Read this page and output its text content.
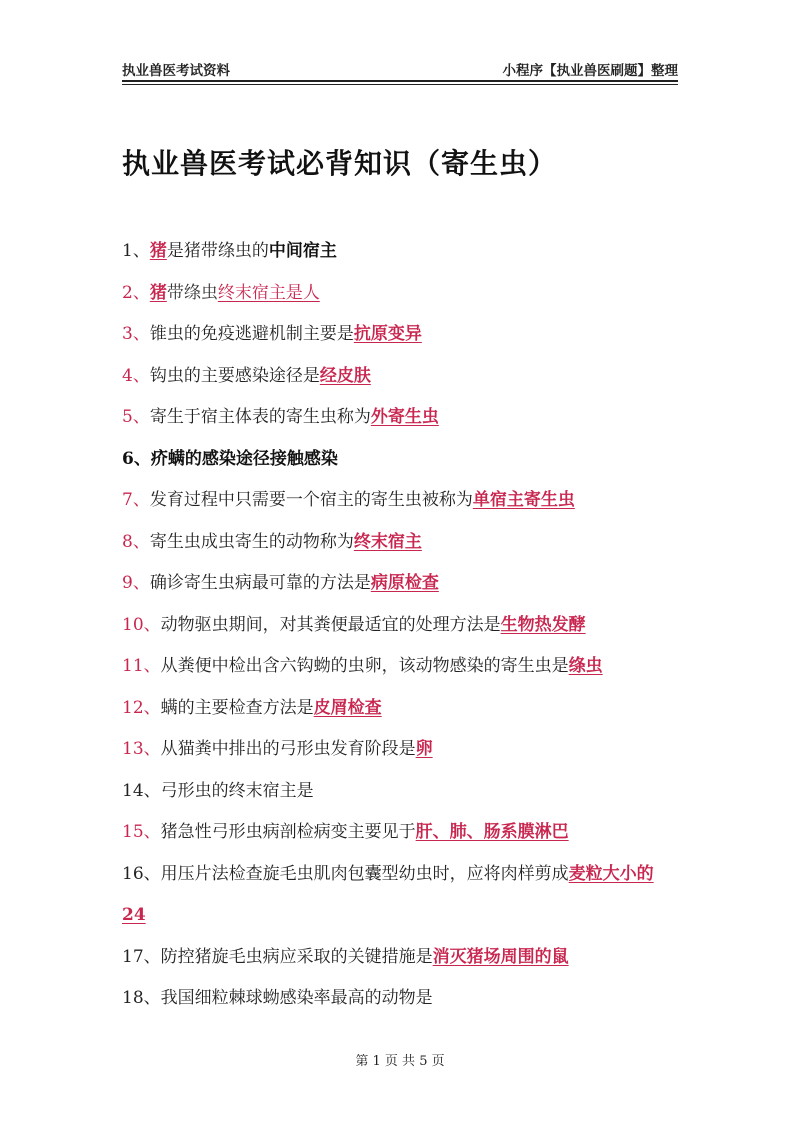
执业兽医考试资料	小程序【执业兽医刷题】整理
执业兽医考试必背知识（寄生虫）
1、猪是猪带绦虫的中间宿主
2、猪带绦虫终末宿主是人
3、锥虫的免疫逃避机制主要是抗原变异
4、钩虫的主要感染途径是经皮肤
5、寄生于宿主体表的寄生虫称为外寄生虫
6、疥螨的感染途径接触感染
7、发育过程中只需要一个宿主的寄生虫被称为单宿主寄生虫
8、寄生虫成虫寄生的动物称为终末宿主
9、确诊寄生虫病最可靠的方法是病原检查
10、动物驱虫期间，对其粪便最适宜的处理方法是生物热发酵
11、从粪便中检出含六钩蚴的虫卵，该动物感染的寄生虫是绦虫
12、螨的主要检查方法是皮屑检查
13、从猫粪中排出的弓形虫发育阶段是卵
14、弓形虫的终末宿主是
15、猪急性弓形虫病剖检病变主要见于肝、肺、肠系膜淋巴
16、用压片法检查旋毛虫肌肉包囊型幼虫时，应将肉样剪成麦粒大小的 24
17、防控猪旋毛虫病应采取的关键措施是消灭猪场周围的鼠
18、我国细粒棘球蚴感染率最高的动物是
第 1 页 共 5 页
